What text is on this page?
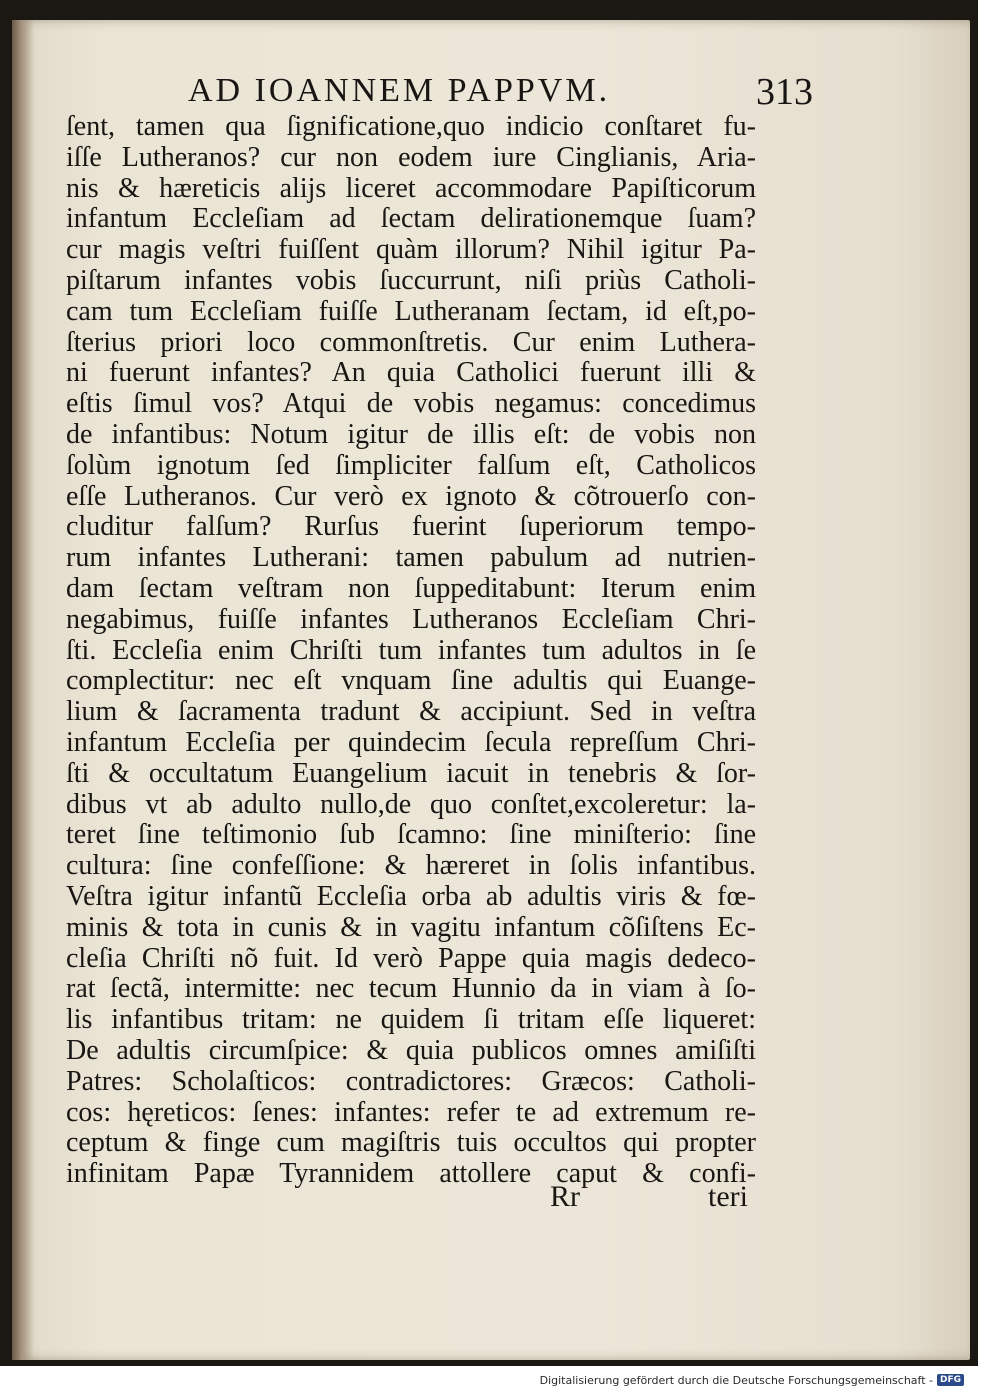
AD IOANNEM PAPPVM.	313
ſent, tamen qua ſignificatione,quo indicio conſtaret fu-
iſſe Lutheranos? cur non eodem iure Cinglianis, Aria-
nis & hæreticis alijs liceret accommodare Papiſticorum
infantum Eccleſiam ad ſectam delirationemque ſuam?
cur magis veſtri fuiſſent quàm illorum? Nihil igitur Pa-
piſtarum infantes vobis ſuccurrunt, niſi priùs Catholi-
cam tum Eccleſiam fuiſſe Lutheranam ſectam, id eſt,po-
ſterius priori loco commonſtretis. Cur enim Luthera-
ni fuerunt infantes? An quia Catholici fuerunt illi &
eſtis ſimul vos? Atqui de vobis negamus: concedimus
de infantibus: Notum igitur de illis eſt: de vobis non
ſolùm ignotum ſed ſimpliciter falſum eſt, Catholicos
eſſe Lutheranos. Cur verò ex ignoto & cõtrouerſo con-
cluditur falſum? Rurſus fuerint ſuperiorum tempo-
rum infantes Lutherani: tamen pabulum ad nutrien-
dam ſectam veſtram non ſuppeditabunt: Iterum enim
negabimus, fuiſſe infantes Lutheranos Eccleſiam Chri-
ſti. Eccleſia enim Chriſti tum infantes tum adultos in ſe
complectitur: nec eſt vnquam ſine adultis qui Euange-
lium & ſacramenta tradunt & accipiunt. Sed in veſtra
infantum Eccleſia per quindecim ſecula repreſſum Chri-
ſti & occultatum Euangelium iacuit in tenebris & ſor-
dibus vt ab adulto nullo,de quo conſtet,excoleretur: la-
teret ſine teſtimonio ſub ſcamno: ſine miniſterio: ſine
cultura: ſine confeſſione: & hæreret in ſolis infantibus.
Veſtra igitur infantũ Eccleſia orba ab adultis viris & fœ-
minis & tota in cunis & in vagitu infantum cõſiſtens Ec-
cleſia Chriſti nõ fuit. Id verò Pappe quia magis dedeco-
rat ſectã, intermitte: nec tecum Hunnio da in viam à ſo-
lis infantibus tritam: ne quidem ſi tritam eſſe liqueret:
De adultis circumſpice: & quia publicos omnes amiſiſti
Patres: Scholaſticos: contradictores: Græcos: Catholi-
cos: hęreticos: ſenes: infantes: refer te ad extremum re-
ceptum & finge cum magiſtris tuis occultos qui propter
infinitam Papæ Tyrannidem attollere caput & confi-
Rr	teri
Digitalisierung gefördert durch die Deutsche Forschungsgemeinschaft - DFG
